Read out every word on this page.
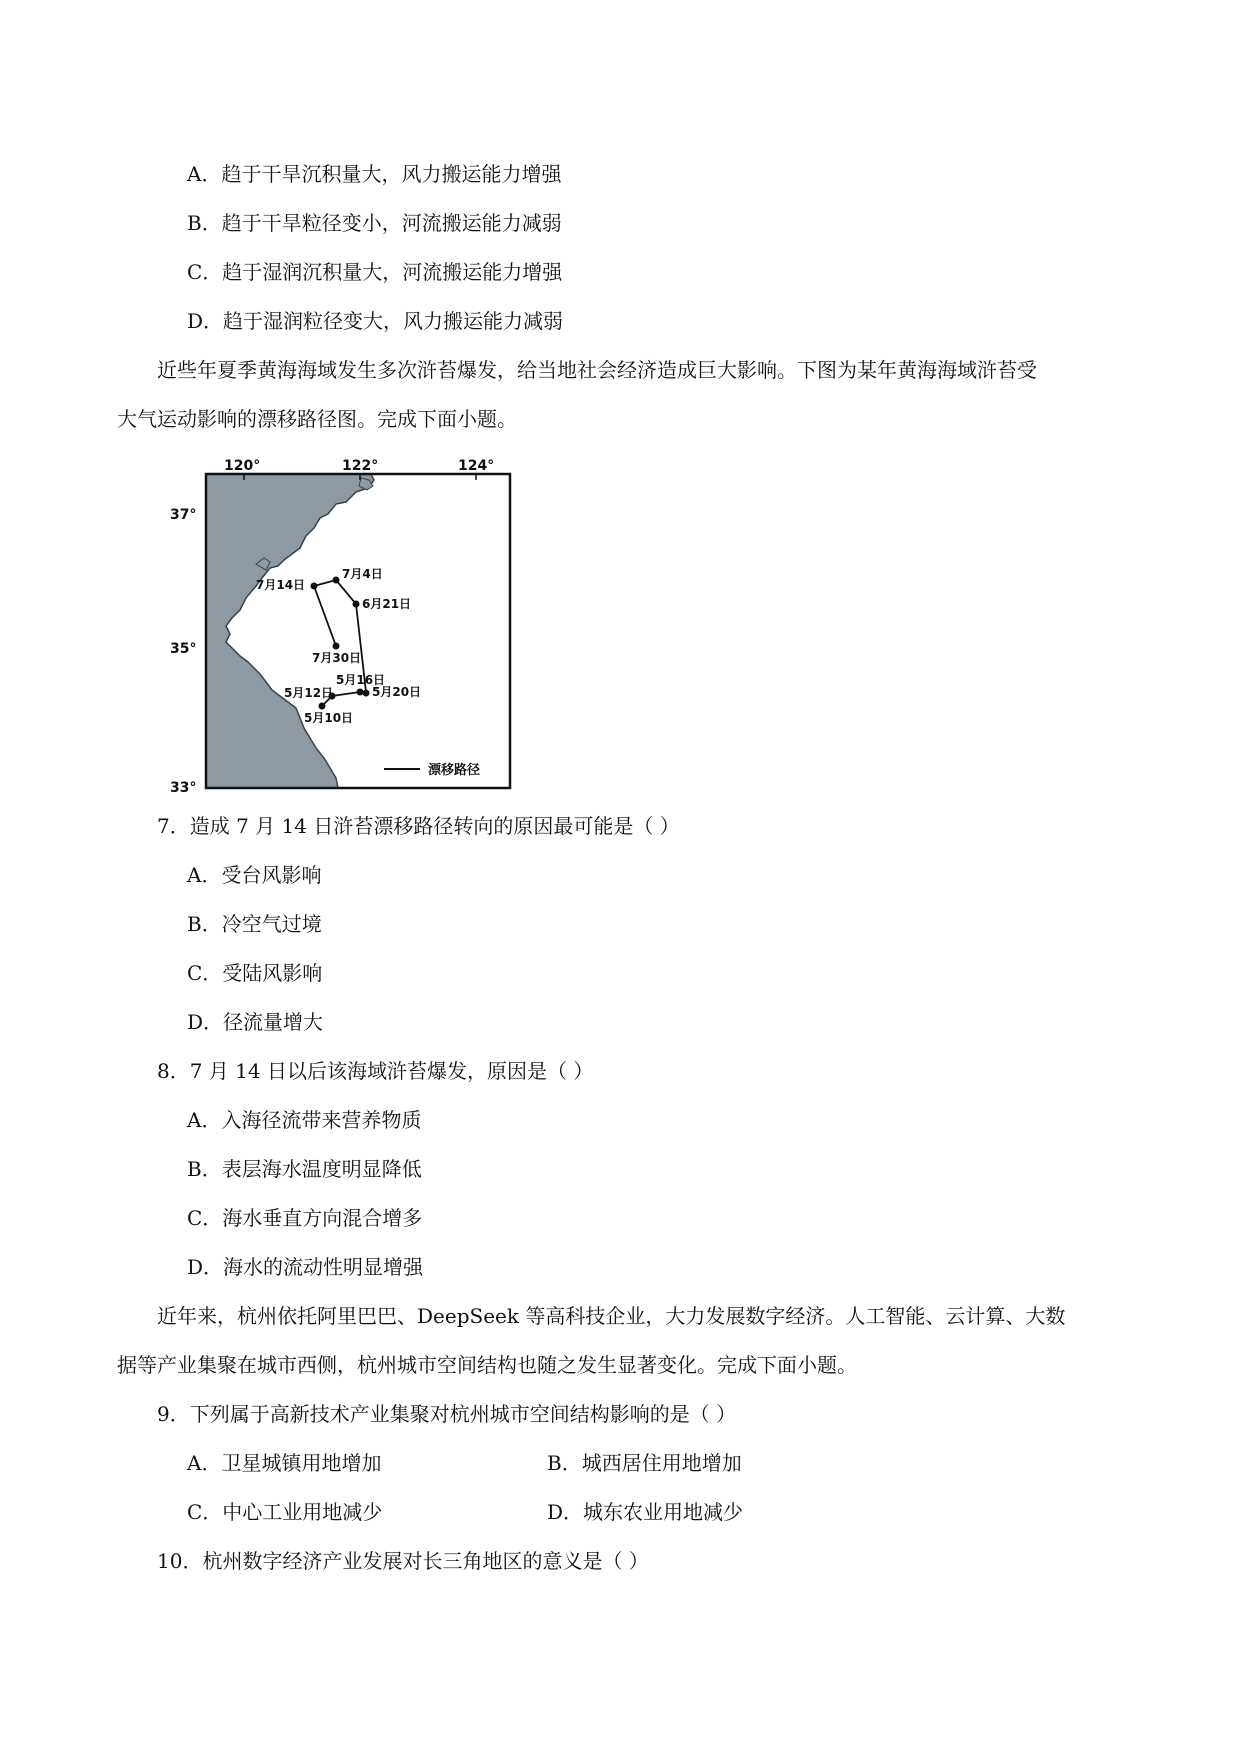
A．趋于干旱沉积量大，风力搬运能力增强
B．趋于干旱粒径变小，河流搬运能力减弱
C．趋于湿润沉积量大，河流搬运能力增强
D．趋于湿润粒径变大，风力搬运能力减弱
近些年夏季黄海海域发生多次浒苔爆发，给当地社会经济造成巨大影响。下图为某年黄海海域浒苔受
大气运动影响的漂移路径图。完成下面小题。
120°	122°	124°
37°
35°
33°
5月10日
5月12日
5月16日
5月20日
6月21日
7月4日
7月14日
7月30日
漂移路径
7．造成 7 月 14 日浒苔漂移路径转向的原因最可能是（ ）
A．受台风影响
B．冷空气过境
C．受陆风影响
D．径流量增大
8．7 月 14 日以后该海域浒苔爆发，原因是（ ）
A．入海径流带来营养物质
B．表层海水温度明显降低
C．海水垂直方向混合增多
D．海水的流动性明显增强
近年来，杭州依托阿里巴巴、DeepSeek 等高科技企业，大力发展数字经济。人工智能、云计算、大数
据等产业集聚在城市西侧，杭州城市空间结构也随之发生显著变化。完成下面小题。
9．下列属于高新技术产业集聚对杭州城市空间结构影响的是（ ）
A．卫星城镇用地增加	B．城西居住用地增加
C．中心工业用地减少	D．城东农业用地减少
10．杭州数字经济产业发展对长三角地区的意义是（ ）
